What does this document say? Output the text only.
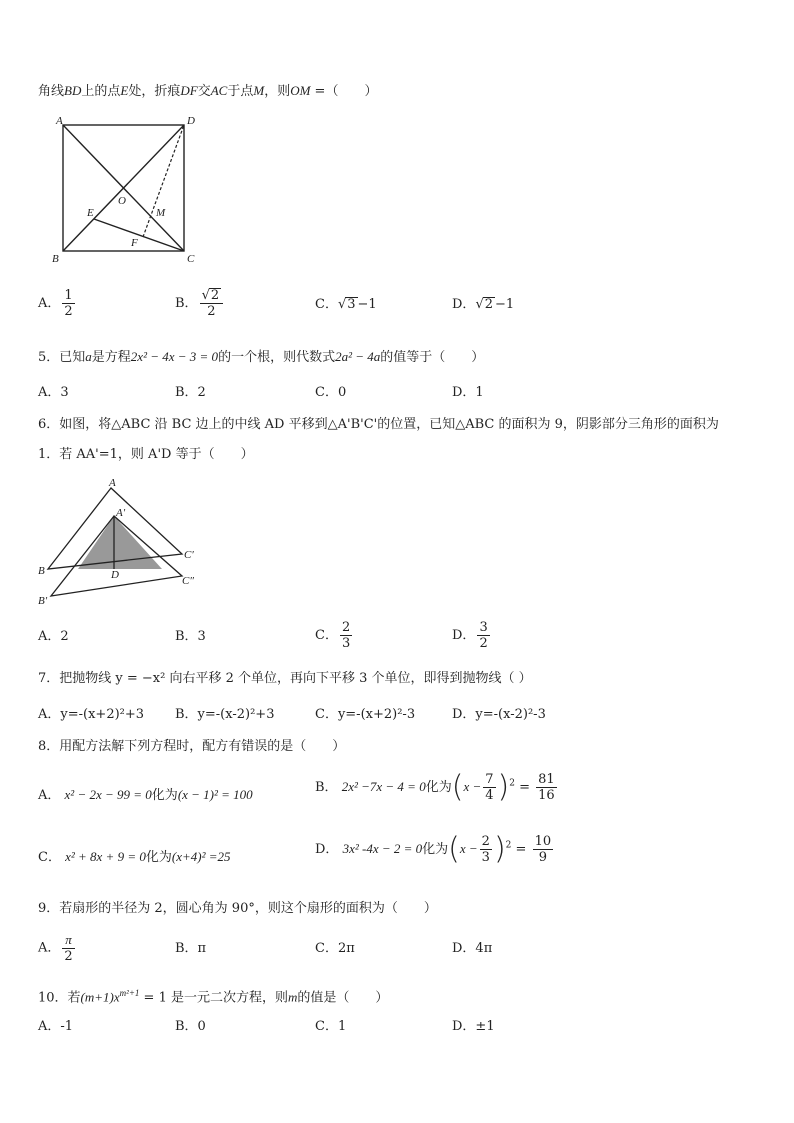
角线BD上的点E处，折痕DF交AC于点M，则OM =（　　）
A	D
B	C
O
E
F
M
A． $\frac{1}{2}$	B． $\frac{√2}{2}$	C．√3 −1	D．√2 −1
5．已知a是方程2x² − 4x − 3 = 0的一个根，则代数式2a² − 4a的值等于（　　）
A．3	B．2	C．0	D．1
6．如图，将△ABC 沿 BC 边上的中线 AD 平移到△A'B'C'的位置，已知△ABC 的面积为 9，阴影部分三角形的面积为
1．若 AA'=1，则 A'D 等于（　　）
A
A′
B
B′
C′
C″
D
A．2	B．3	C． $\frac{2}{3}$	D． $\frac{3}{2}$
7．把抛物线 y = −x² 向右平移 2 个单位，再向下平移 3 个单位，即得到抛物线（ ）
A．y=-(x+2)²+3 B．y=-(x-2)²+3	C．y=-(x+2)²-3	D．y=-(x-2)²-3
8．用配方法解下列方程时，配方有错误的是（　　）
A． x² − 2x − 99 = 0化为(x − 1)² = 100	B． 2x² −7x − 4 = 0化为$(x - \frac{7}{4} )^2 = \frac{81}{16}$
C． x² + 8x + 9 = 0化为(x+4)² =25	D． 3x² -4x − 2 = 0化为$(x - \frac{2}{3} )^2 = \frac{10}{9}$
9．若扇形的半径为 2，圆心角为 90°，则这个扇形的面积为（　　）
A． $\frac{\pi}{2}$	B．π	C．2π	D．4π
10．若$(m+1)x^{m^2+1} = 1$ 是一元二次方程，则m的值是（　　）
A．-1	B．0	C．1	D．±1
